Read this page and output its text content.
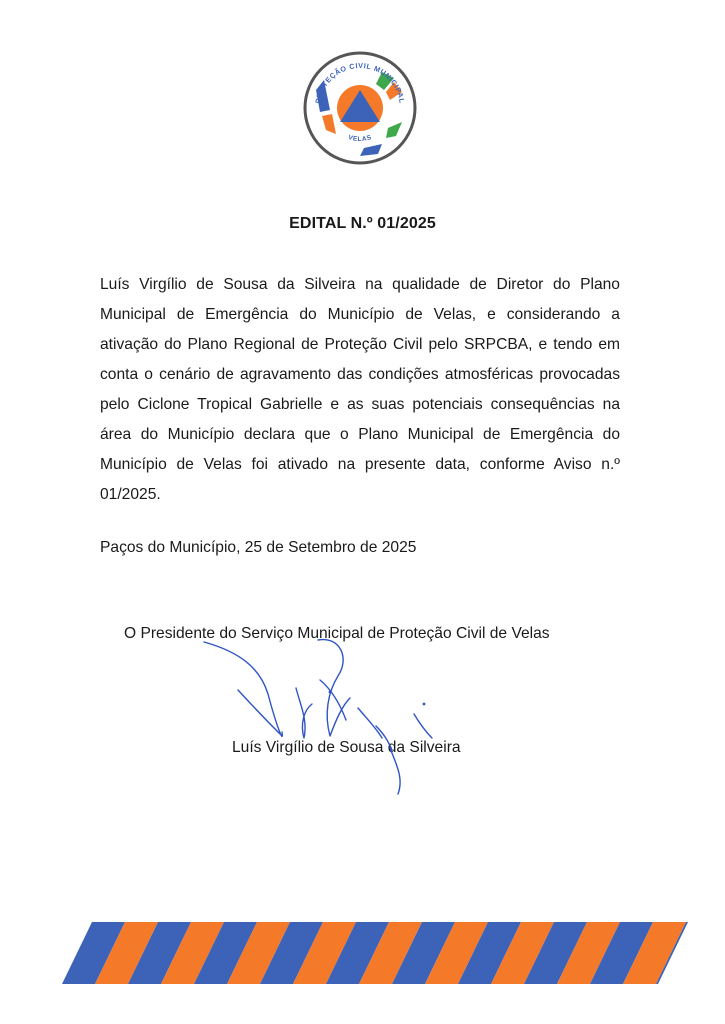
PROTEÇÃO CIVIL MUNICIPAL
VELAS
EDITAL N.º 01/2025

Luís Virgílio de Sousa da Silveira na qualidade de Diretor do Plano Municipal de Emergência do Município de Velas, e considerando a ativação do Plano Regional de Proteção Civil pelo SRPCBA, e tendo em conta o cenário de agravamento das condições atmosféricas provocadas pelo Ciclone Tropical Gabrielle e as suas potenciais consequências na área do Município declara que o Plano Municipal de Emergência do Município de Velas foi ativado na presente data, conforme Aviso n.º 01/2025.

Paços do Município, 25 de Setembro de 2025
O Presidente do Serviço Municipal de Proteção Civil de Velas
Luís Virgílio de Sousa da Silveira
